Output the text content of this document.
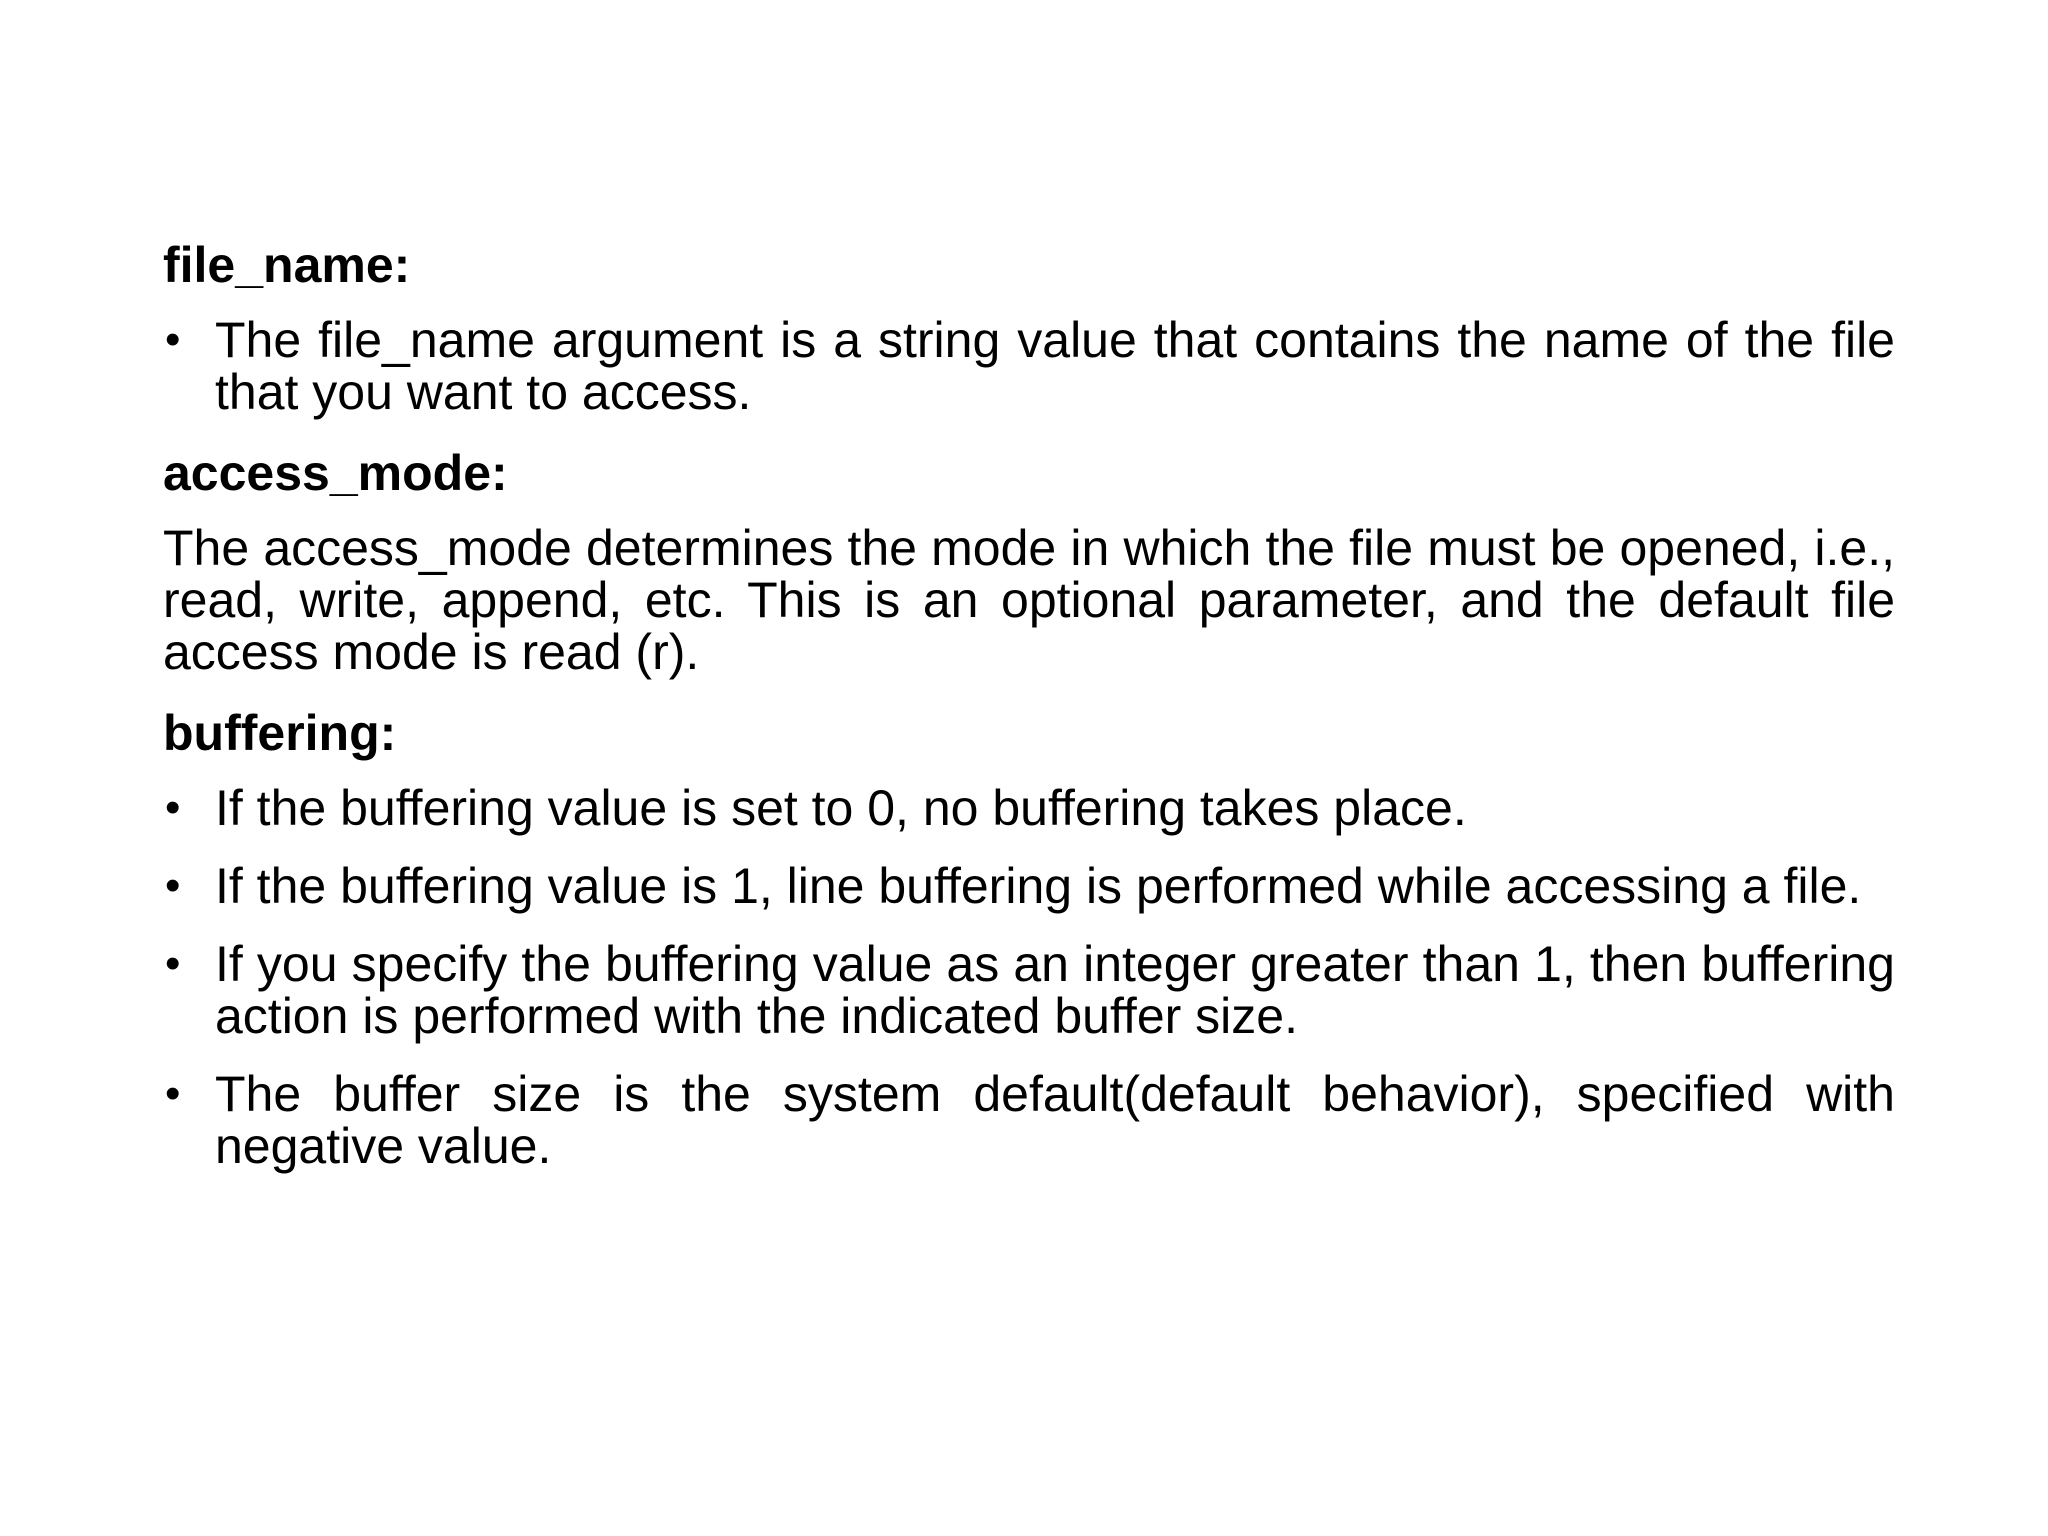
file_name:
• The file_name argument is a string value that contains the name of the file that you want to access.
access_mode:
The access_mode determines the mode in which the file must be opened, i.e., read, write, append, etc. This is an optional parameter, and the default file access mode is read (r).
buffering:
• If the buffering value is set to 0, no buffering takes place.
• If the buffering value is 1, line buffering is performed while accessing a file.
• If you specify the buffering value as an integer greater than 1, then buffering action is performed with the indicated buffer size.
• The buffer size is the system default(default behavior), specified with negative value.
